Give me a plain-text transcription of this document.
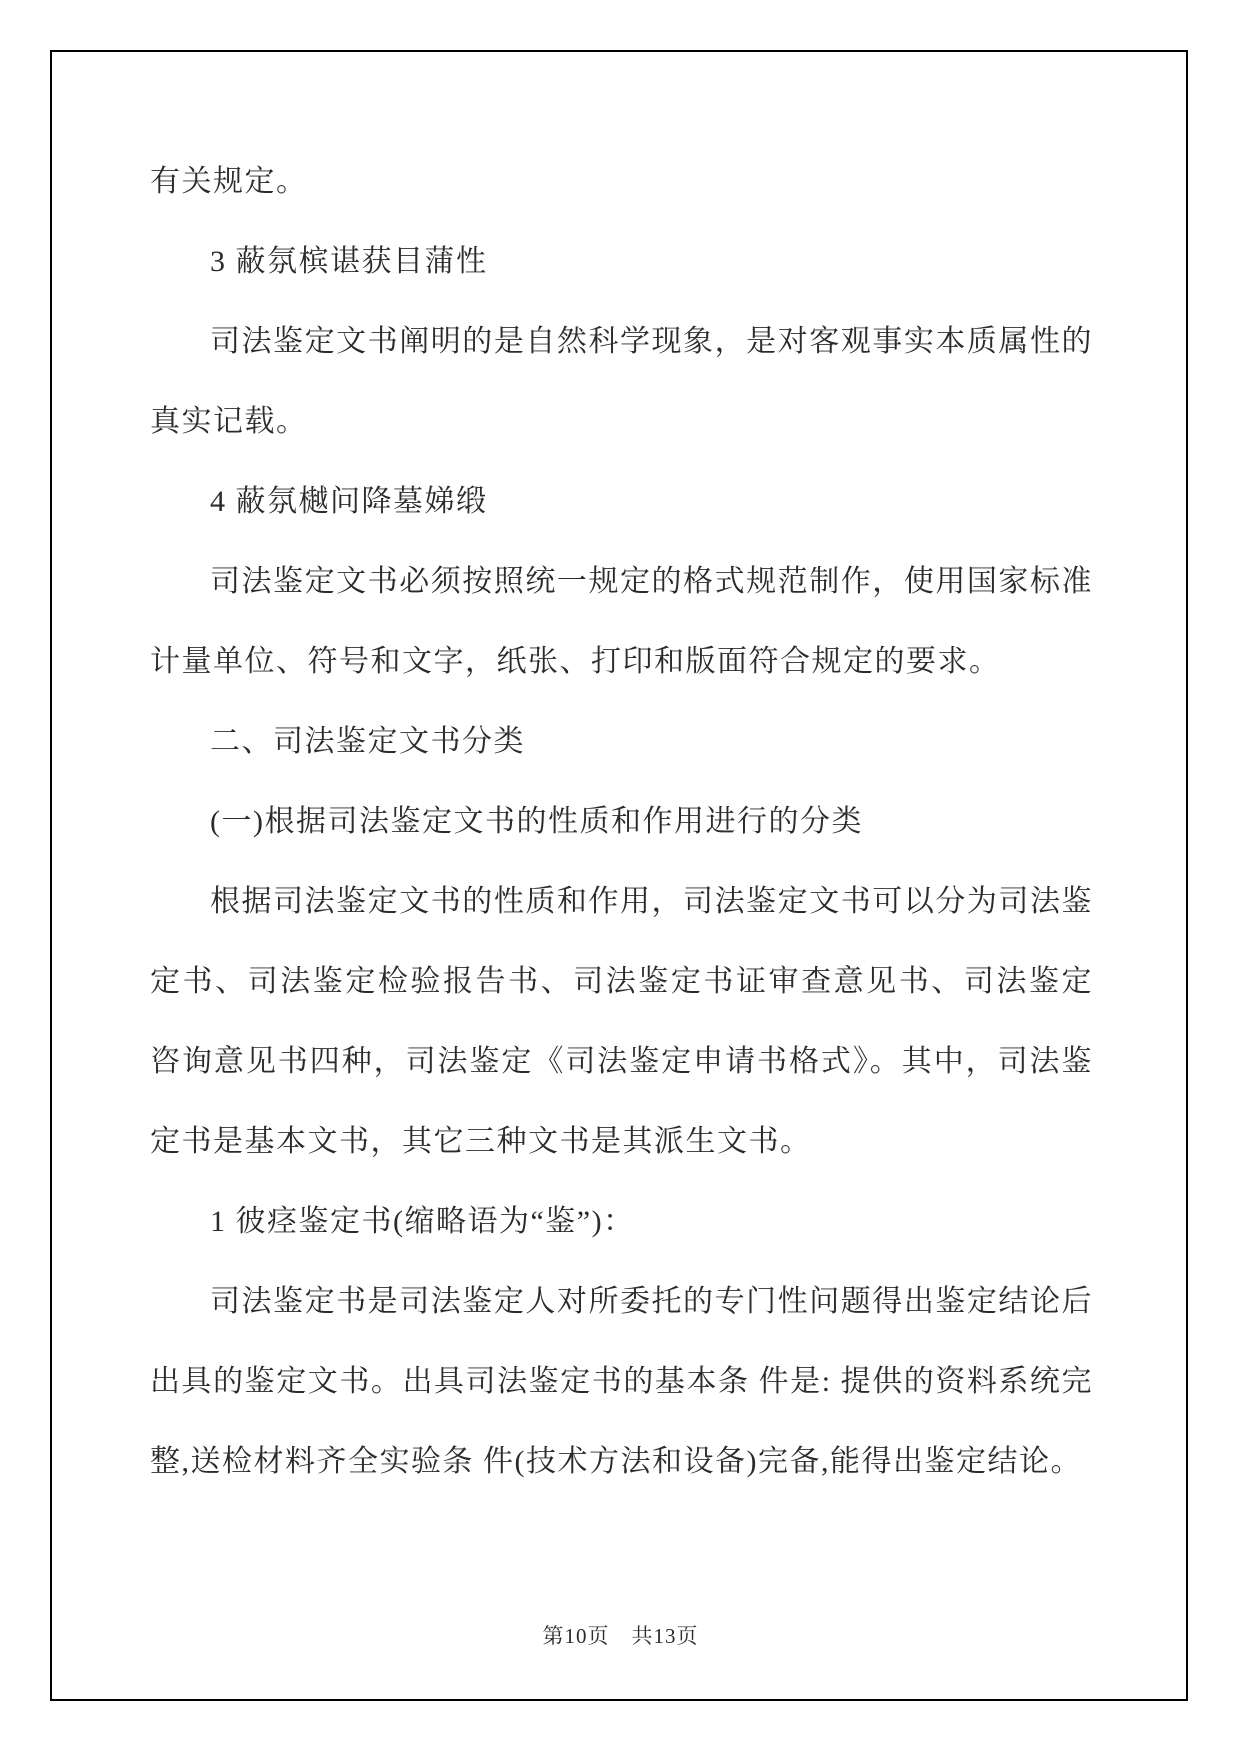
有关规定。

3 蔽氛槟谌获目蒲性

司法鉴定文书阐明的是自然科学现象，是对客观事实本质属性的真实记载。

4 蔽氛樾问降墓娣缎

司法鉴定文书必须按照统一规定的格式规范制作，使用国家标准计量单位、符号和文字，纸张、打印和版面符合规定的要求。

二、司法鉴定文书分类

(一)根据司法鉴定文书的性质和作用进行的分类

根据司法鉴定文书的性质和作用，司法鉴定文书可以分为司法鉴定书、司法鉴定检验报告书、司法鉴定书证审查意见书、司法鉴定咨询意见书四种，司法鉴定《司法鉴定申请书格式》。其中，司法鉴定书是基本文书，其它三种文书是其派生文书。

1 彼痉鉴定书(缩略语为“鉴”)：

司法鉴定书是司法鉴定人对所委托的专门性问题得出鉴定结论后出具的鉴定文书。出具司法鉴定书的基本条 件是: 提供的资料系统完整,送检材料齐全实验条 件(技术方法和设备)完备,能得出鉴定结论。

第10页　共13页
